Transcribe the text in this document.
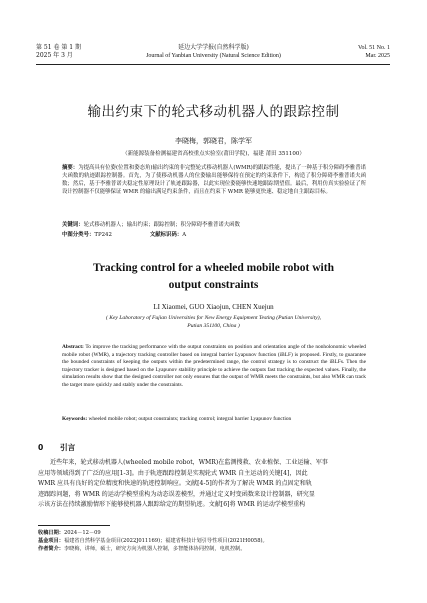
第 51 卷 第 1 期
2025 年 3 月
延边大学学报(自然科学版)
Journal of Yanbian University (Natural Science Edition)
Vol. 51 No. 1
Mar. 2025
输出约束下的轮式移动机器人的跟踪控制
李晓梅，郭晓君，陈学军
（新能源装备检测福建省高校重点实验室(莆田学院)，福建 莆田 351100）
摘要：为提高具有位姿(位置和姿态角)输出约束的非完整轮式移动机器人(WMR)的跟踪性能，提出了一种基于积分障碍李雅普诺夫函数的轨迹跟踪控制器。首先，为了使移动机器人的位姿输出能够保持在预定的约束条件下，构造了积分障碍李雅普诺夫函数；然后，基于李雅普诺夫稳定性原理设计了轨迹跟踪器，以此实现位姿能够快速地跟踪期望值。最后，利用仿真实验验证了所设计控制器不仅能够保证 WMR 的输出满足约束条件，而且在约束下 WMR 能够更快速、稳定地自主跟踪目标。
关键词：轮式移动机器人；输出约束；跟踪控制；积分障碍李雅普诺夫函数
中图分类号：TP242	文献标识码：A
Tracking control for a wheeled mobile robot with
output constraints
LI Xiaomei, GUO Xiaojun, CHEN Xuejun
( Key Laboratory of Fujian Universities for New Energy Equipment Testing (Putian University),
Putian 351100, China )
Abstract: To improve the tracking performance with the output constraints on position and orientation angle of the nonholonomic wheeled mobile robot (WMR), a trajectory tracking controller based on integral barrier Lyapunov function (iBLF) is proposed. Firstly, to guarantee the bounded constraints of keeping the outputs within the predetermined range, the control strategy is to construct the iBLFs. Then the trajectory tracker is designed based on the Lyapunov stability principle to achieve the outputs fast tracking the expected values. Finally, the simulation results show that the designed controller not only ensures that the output of WMR meets the constraints, but also WMR can track the target more quickly and stably under the constraints.
Keywords: wheeled mobile robot; output constraints; tracking control; integral barrier Lyapunov function
0 引言
近些年来，轮式移动机器人(wheeled mobile robot，WMR)在监测搜救、农业植保、工业运输、军事
应用等领域得到了广泛的应用[1-3]。由于轨迹跟踪控制是实现轮式 WMR 自主运动的关键[4]，因此
WMR 应具有良好的定位精度和快速的轨迹控制响应。文献[4-5]的作者为了解决 WMR 的点固定和轨
迹跟踪问题，将 WMR 的运动学模型重构为动态误差模型，并通过定义时变函数来设计控制器，研究显
示该方法在持续激励情形下能够使机器人跟踪给定的期望轨迹。文献[6]将 WMR 的运动学模型重构
收稿日期：2024－12－09
基金项目：福建省自然科学基金项目(2022J011169)；福建省科技计划引导性项目(2021H0058)。
作者简介：李晓梅，讲师，硕士，研究方向为机器人控制，多智能体协同控制，电机控制。
